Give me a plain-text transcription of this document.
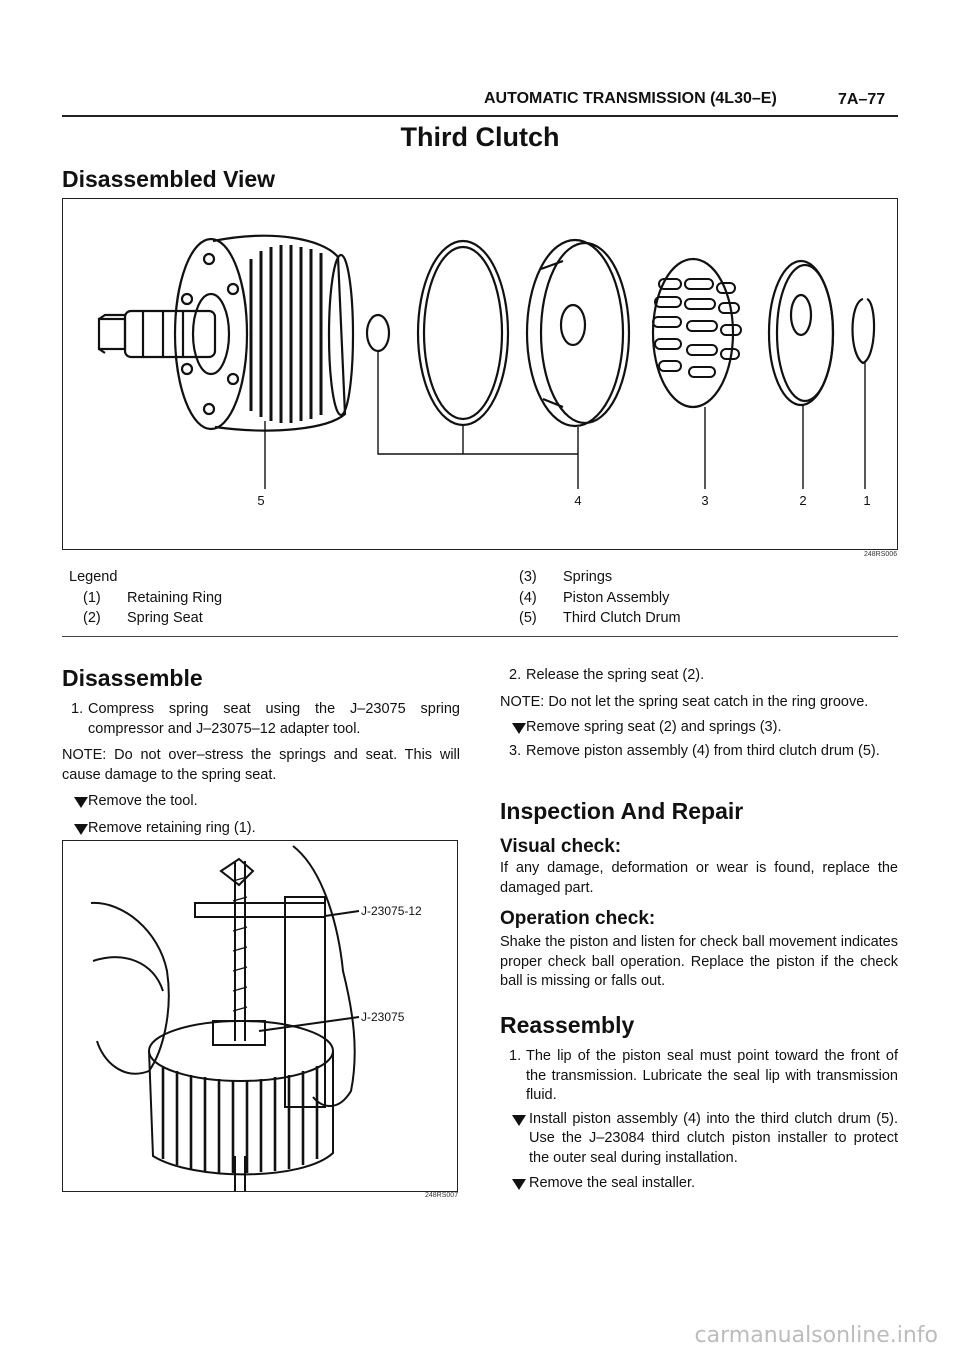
AUTOMATIC TRANSMISSION (4L30–E)	7A–77
Third Clutch
Disassembled View
5	4	3	2	1
248RS006
Legend
(1)	Retaining Ring
(2)	Spring Seat
(3)	Springs
(4)	Piston Assembly
(5)	Third Clutch Drum
Disassemble
1. Compress spring seat using the J–23075 spring compressor and J–23075–12 adapter tool.

NOTE: Do not over–stress the springs and seat. This will cause damage to the spring seat.

Remove the tool.

Remove retaining ring (1).

J-23075-12
J-23075
248RS007
2. Release the spring seat (2).

NOTE: Do not let the spring seat catch in the ring groove.

Remove spring seat (2) and springs (3).

3. Remove piston assembly (4) from third clutch drum (5).

Inspection And Repair
Visual check:
If any damage, deformation or wear is found, replace the damaged part.
Operation check:
Shake the piston and listen for check ball movement indicates proper check ball operation. Replace the piston if the check ball is missing or falls out.
Reassembly
1. The lip of the piston seal must point toward the front of the transmission. Lubricate the seal lip with transmission fluid.

Install piston assembly (4) into the third clutch drum (5). Use the J–23084 third clutch piston installer to protect the outer seal during installation.

Remove the seal installer.

carmanualsonline.info
